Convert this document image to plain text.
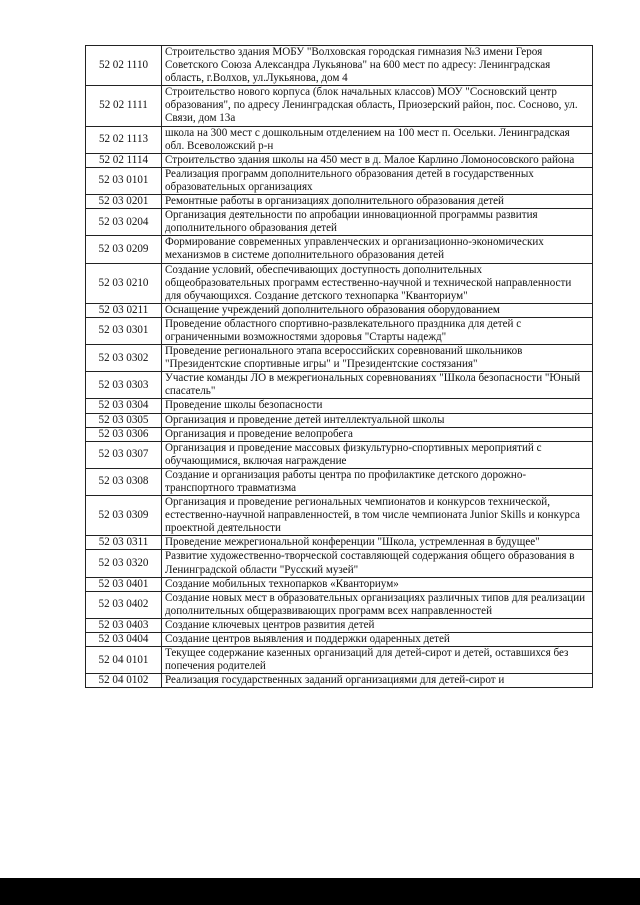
52 02 1110	Строительство здания МОБУ "Волховская городская гимназия №3 имени Героя Советского Союза Александра Лукьянова" на 600 мест по адресу: Ленинградская область, г.Волхов, ул.Лукьянова, дом 4
52 02 1111	Строительство нового корпуса (блок начальных классов) МОУ "Сосновский центр образования", по адресу Ленинградская область, Приозерский район, пос. Сосново, ул. Связи, дом 13а
52 02 1113	школа на 300 мест с дошкольным отделением на 100 мест п. Осельки. Ленинградская обл. Всеволожский р-н
52 02 1114	Строительство здания школы на 450 мест в д. Малое Карлино Ломоносовского района
52 03 0101	Реализация программ дополнительного образования детей в государственных образовательных организациях
52 03 0201	Ремонтные работы в организациях дополнительного образования детей
52 03 0204	Организация деятельности по апробации инновационной программы развития дополнительного образования детей
52 03 0209	Формирование современных управленческих и организационно-экономических механизмов в системе дополнительного образования детей
52 03 0210	Создание условий, обеспечивающих доступность дополнительных общеобразовательных программ естественно-научной и технической направленности для обучающихся. Создание детского технопарка "Кванториум"
52 03 0211	Оснащение учреждений дополнительного образования оборудованием
52 03 0301	Проведение областного спортивно-развлекательного праздника для детей с ограниченными возможностями здоровья "Старты надежд"
52 03 0302	Проведение регионального этапа всероссийских соревнований школьников "Президентские спортивные игры" и "Президентские состязания"
52 03 0303	Участие команды ЛО в межрегиональных соревнованиях "Школа безопасности "Юный спасатель"
52 03 0304	Проведение школы безопасности
52 03 0305	Организация и проведение детей интеллектуальной школы
52 03 0306	Организация и проведение велопробега
52 03 0307	Организация и проведение массовых физкультурно-спортивных мероприятий с обучающимися, включая награждение
52 03 0308	Создание и организация работы центра по профилактике детского дорожно-транспортного травматизма
52 03 0309	Организация и проведение региональных чемпионатов и конкурсов технической, естественно-научной направленностей, в том числе чемпионата Junior Skills и конкурса проектной деятельности
52 03 0311	Проведение межрегиональной конференции "Школа, устремленная в будущее"
52 03 0320	Развитие художественно-творческой составляющей содержания общего образования в Ленинградской области "Русский музей"
52 03 0401	Создание мобильных технопарков «Кванториум»
52 03 0402	Создание новых мест в образовательных организациях различных типов для реализации дополнительных общеразвивающих программ всех направленностей
52 03 0403	Создание ключевых центров развития детей
52 03 0404	Создание центров выявления и поддержки одаренных детей
52 04 0101	Текущее содержание казенных организаций для детей-сирот и детей, оставшихся без попечения родителей
52 04 0102	Реализация государственных заданий организациями для детей-сирот и
